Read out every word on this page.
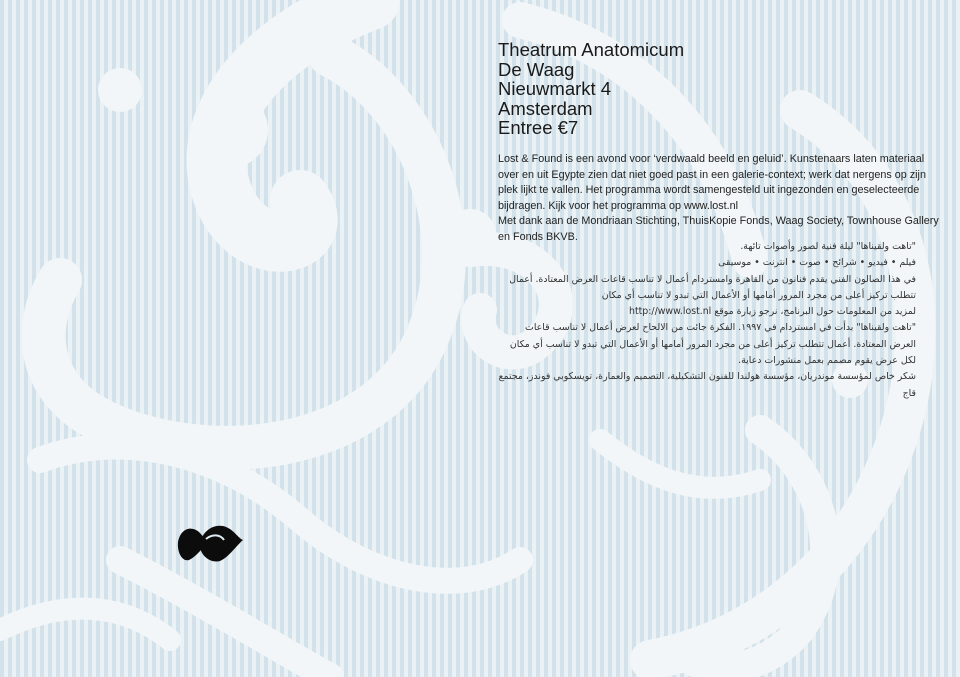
Theatrum Anatomicum
De Waag
Nieuwmarkt 4
Amsterdam
Entree €7

Lost & Found is een avond voor ‘verdwaald beeld en geluid’. Kunstenaars laten materiaal over en uit Egypte zien dat niet goed past in een galerie-context; werk dat nergens op zijn plek lijkt te vallen. Het programma wordt samengesteld uit ingezonden en geselecteerde bijdragen. Kijk voor het programma op www.lost.nl

Met dank aan de Mondriaan Stichting, ThuisKopie Fonds, Waag Society, Townhouse Gallery en Fonds BKVB.

"تاهت ولقيناها" ليلة فنية لصور وأصوات تائهة.

فيلم • فيديو • شرائح • صوت • انترنت • موسيقى

في هذا الصالون الفني يقدم فنانون من القاهرة وامستردام أعمال لا تناسب قاعات العرض المعتادة. أعمال تتطلب تركيز أعلى من مجرد المرور أمامها أو الأعمال التي تبدو لا تناسب أي مكان

لمزيد من المعلومات حول البرنامج، نرجو زيارة موقع http://www.lost.nl

"تاهت ولقيناها" بدأت في امستردام في ١٩٩٧. الفكرة جائت من الالحاح لعرض أعمال لا تناسب قاعات العرض المعتادة. أعمال تتطلب تركيز أعلى من مجرد المرور أمامها أو الأعمال التي تبدو لا تناسب أي مكان

لكل عرض يقوم مصمم بعمل منشورات دعاية.

شكر خاص لمؤسسة موندريان، مؤسسة هولندا للفنون التشكيلية، التصميم والعمارة، تويسكوبي فوندز، مجتمع قاج
